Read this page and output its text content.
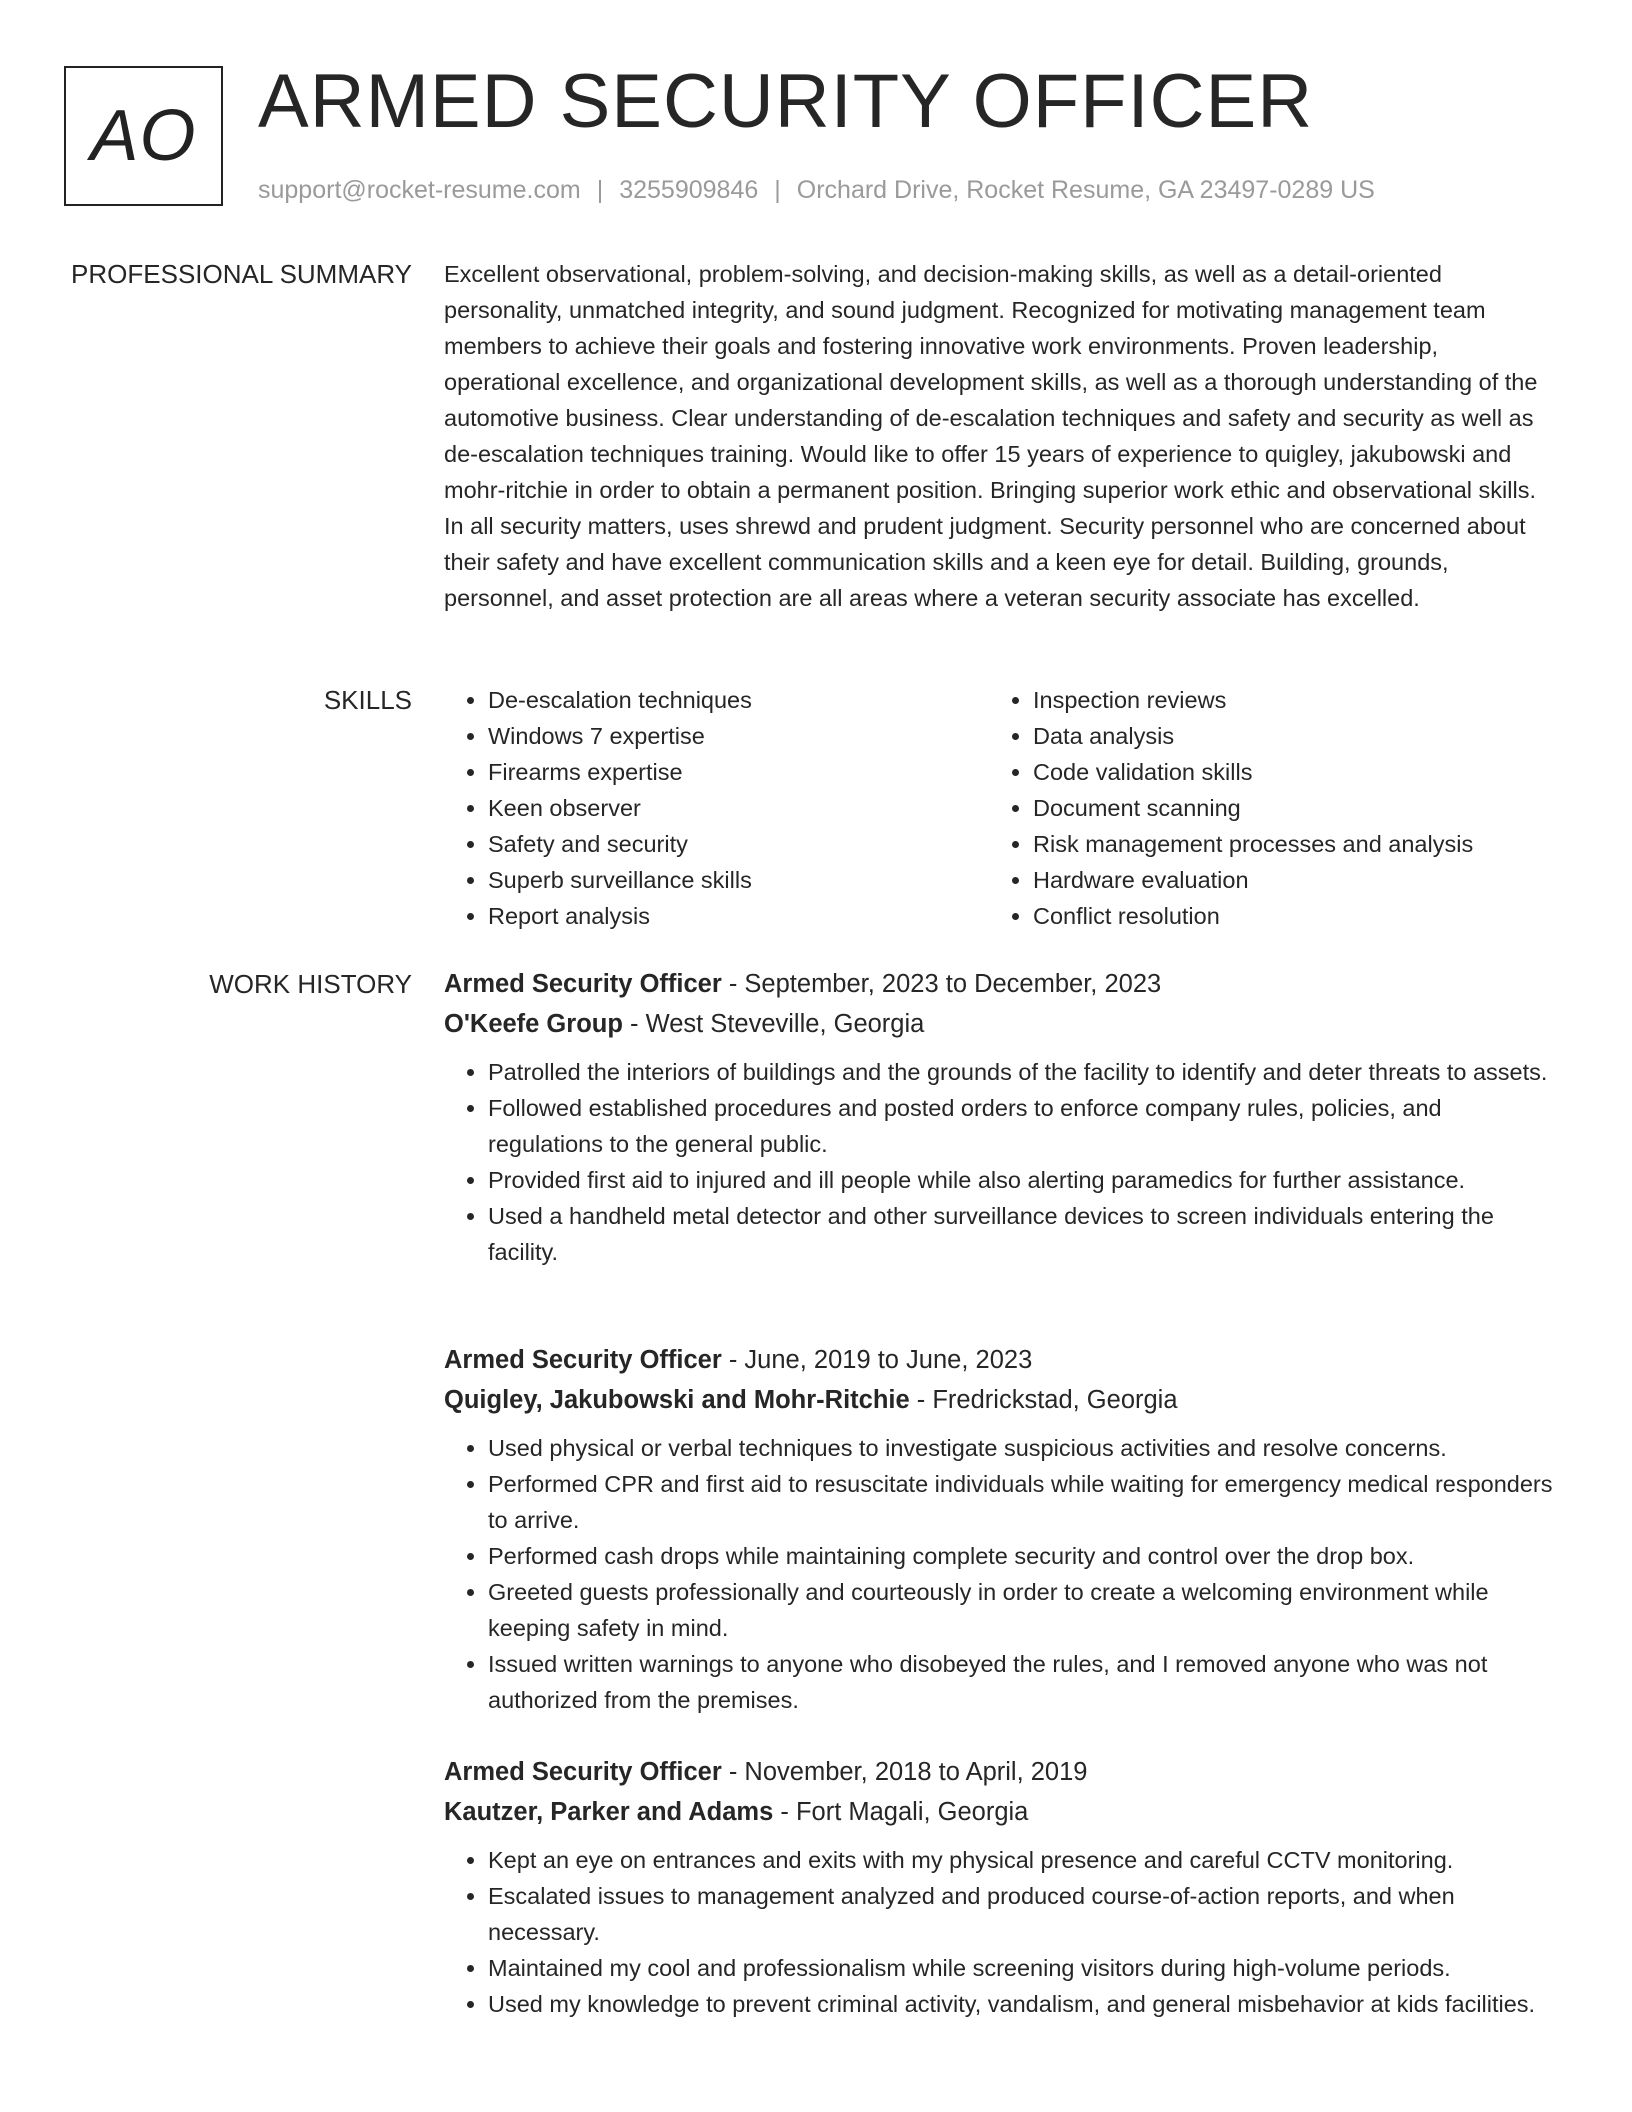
AO ARMED SECURITY OFFICER
support@rocket-resume.com | 3255909846 | Orchard Drive, Rocket Resume, GA 23497-0289 US
PROFESSIONAL SUMMARY Excellent observational, problem-solving, and decision-making skills, as well as a detail-oriented personality, unmatched integrity, and sound judgment. Recognized for motivating management team members to achieve their goals and fostering innovative work environments. Proven leadership, operational excellence, and organizational development skills, as well as a thorough understanding of the automotive business. Clear understanding of de-escalation techniques and safety and security as well as de-escalation techniques training. Would like to offer 15 years of experience to quigley, jakubowski and mohr-ritchie in order to obtain a permanent position. Bringing superior work ethic and observational skills. In all security matters, uses shrewd and prudent judgment. Security personnel who are concerned about their safety and have excellent communication skills and a keen eye for detail. Building, grounds, personnel, and asset protection are all areas where a veteran security associate has excelled.

SKILLS
•	De-escalation techniques
• Windows 7 expertise
• Firearms expertise
• Keen observer
• Safety and security
• Superb surveillance skills
• Report analysis
• Inspection reviews
• Data analysis
• Code validation skills
• Document scanning
• Risk management processes and analysis
• Hardware evaluation
• Conflict resolution
WORK HISTORY Armed Security Officer - September, 2023 to December, 2023
O'Keefe Group - West Steveville, Georgia
• Patrolled the interiors of buildings and the grounds of the facility to identify and deter threats to assets.
• Followed established procedures and posted orders to enforce company rules, policies, and regulations to the general public.
• Provided first aid to injured and ill people while also alerting paramedics for further assistance.
• Used a handheld metal detector and other surveillance devices to screen individuals entering the facility.
Armed Security Officer - June, 2019 to June, 2023
Quigley, Jakubowski and Mohr-Ritchie - Fredrickstad, Georgia
• Used physical or verbal techniques to investigate suspicious activities and resolve concerns.
• Performed CPR and first aid to resuscitate individuals while waiting for emergency medical responders to arrive.
• Performed cash drops while maintaining complete security and control over the drop box.
• Greeted guests professionally and courteously in order to create a welcoming environment while keeping safety in mind.
• Issued written warnings to anyone who disobeyed the rules, and I removed anyone who was not authorized from the premises.
Armed Security Officer - November, 2018 to April, 2019
Kautzer, Parker and Adams - Fort Magali, Georgia
• Kept an eye on entrances and exits with my physical presence and careful CCTV monitoring.
• Escalated issues to management analyzed and produced course-of-action reports, and when necessary.
• Maintained my cool and professionalism while screening visitors during high-volume periods.
• Used my knowledge to prevent criminal activity, vandalism, and general misbehavior at kids facilities.
